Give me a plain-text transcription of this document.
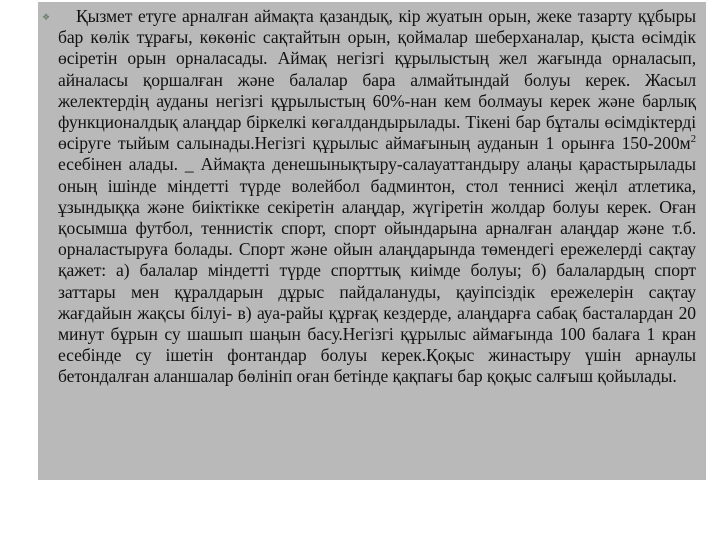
❖	Қызмет етуге арналған аймақта қазандық, кір жуатын орын, жеке тазарту құбыры бар көлік тұрағы, көкөніс сақтайтын орын, қоймалар шеберханалар, қыста өсімдік өсіретін орын орналасады. Аймақ негізгі құрылыстың жел жағында орналасып, айналасы қоршалған және балалар бара алмайтындай болуы керек. Жасыл желектердің ауданы негізгі құрылыстың 60%-нан кем болмауы керек және барлық функционалдық алаңдар біркелкі көгалдандырылады. Тікені бар бұталы өсімдіктерді өсіруге тыйым салынады.Негізгі құрылыс аймағының ауданын 1 орынға $150-200м^2$ есебінен алады. _ Аймақта денешынықтыру-салауаттандыру алаңы қарастырылады оның ішінде міндетті түрде волейбол бадминтон, стол теннисі жеңіл атлетика, ұзындыққа және биіктікке секіретін алаңдар, жүгіретін жолдар болуы керек. Оған қосымша футбол, теннистік спорт, спорт ойындарына арналған алаңдар және т.б. орналастыруға болады. Спорт және ойын алаңдарында төмендегі ережелерді сақтау қажет: а) балалар міндетті түрде спорттық киімде болуы; б) балалардың спорт заттары мен құралдарын дұрыс пайдалануды, қауіпсіздік ережелерін сақтау жағдайын жақсы білуі- в) ауа-райы құрғақ кездерде, алаңдарға сабақ басталардан 20 минут бұрын су шашып шаңын басу.Негізгі құрылыс аймағында 100 балаға 1 кран есебінде су ішетін фонтандар болуы керек.Қоқыс жинастыру үшін арнаулы бетондалған аланшалар бөлініп оған бетінде қақпағы бар қоқыс салғыш қойылады.
